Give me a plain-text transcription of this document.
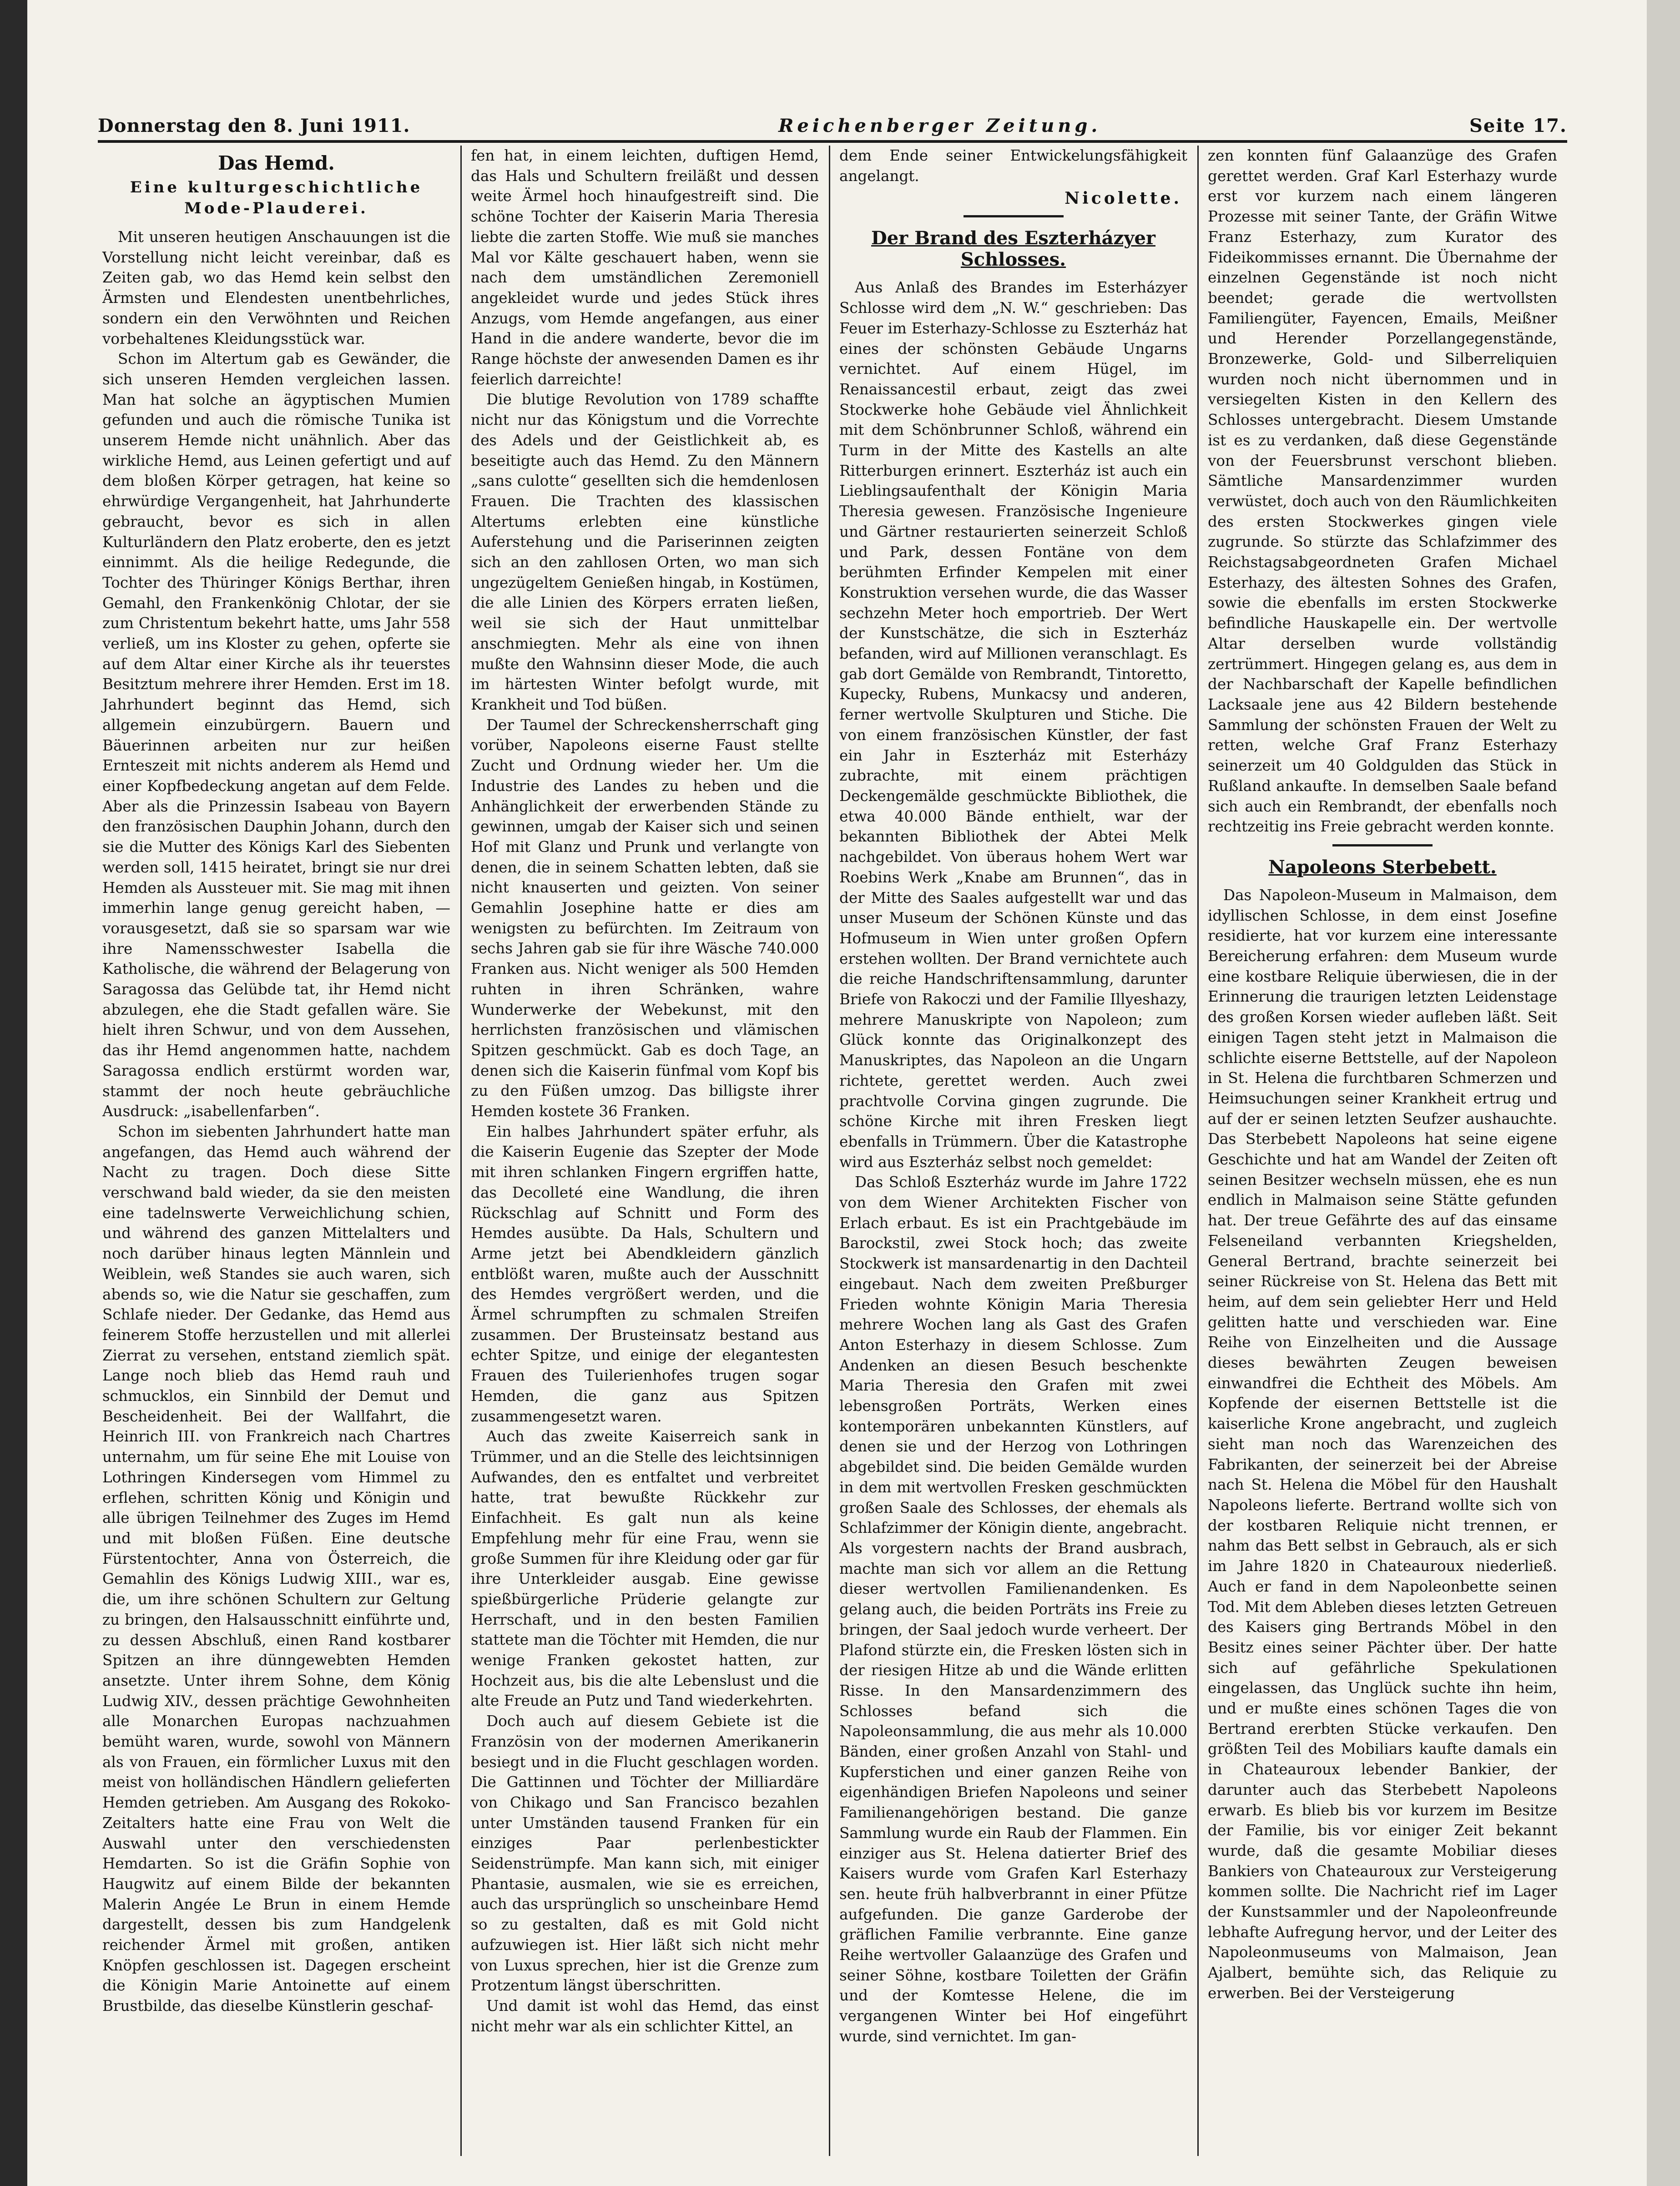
Donnerstag den 8. Juni 1911.	Reichenberger Zeitung.	Seite 17.
Das Hemd.
Eine kulturgeschichtliche Mode-Plauderei.

Mit unseren heutigen Anschauungen ist die Vorstellung nicht leicht vereinbar, daß es Zeiten gab, wo das Hemd kein selbst den Ärmsten und Elendesten unentbehrliches, sondern ein den Verwöhnten und Reichen vorbehaltenes Kleidungsstück war.

Schon im Altertum gab es Gewänder, die sich unseren Hemden vergleichen lassen. Man hat solche an ägyptischen Mumien gefunden und auch die römische Tunika ist unserem Hemde nicht unähnlich. Aber das wirkliche Hemd, aus Leinen gefertigt und auf dem bloßen Körper getragen, hat keine so ehrwürdige Vergangenheit, hat Jahrhunderte gebraucht, bevor es sich in allen Kulturländern den Platz eroberte, den es jetzt einnimmt. Als die heilige Redegunde, die Tochter des Thüringer Königs Berthar, ihren Gemahl, den Frankenkönig Chlotar, der sie zum Christentum bekehrt hatte, ums Jahr 558 verließ, um ins Kloster zu gehen, opferte sie auf dem Altar einer Kirche als ihr teuerstes Besitztum mehrere ihrer Hemden. Erst im 18. Jahrhundert beginnt das Hemd, sich allgemein einzubürgern. Bauern und Bäuerinnen arbeiten nur zur heißen Ernteszeit mit nichts anderem als Hemd und einer Kopfbedeckung angetan auf dem Felde. Aber als die Prinzessin Isabeau von Bayern den französischen Dauphin Johann, durch den sie die Mutter des Königs Karl des Siebenten werden soll, 1415 heiratet, bringt sie nur drei Hemden als Aussteuer mit. Sie mag mit ihnen immerhin lange genug gereicht haben, — vorausgesetzt, daß sie so sparsam war wie ihre Namensschwester Isabella die Katholische, die während der Belagerung von Saragossa das Gelübde tat, ihr Hemd nicht abzulegen, ehe die Stadt gefallen wäre. Sie hielt ihren Schwur, und von dem Aussehen, das ihr Hemd angenommen hatte, nachdem Saragossa endlich erstürmt worden war, stammt der noch heute gebräuchliche Ausdruck: „isabellenfarben“.

Schon im siebenten Jahrhundert hatte man angefangen, das Hemd auch während der Nacht zu tragen. Doch diese Sitte verschwand bald wieder, da sie den meisten eine tadelnswerte Verweichlichung schien, und während des ganzen Mittelalters und noch darüber hinaus legten Männlein und Weiblein, weß Standes sie auch waren, sich abends so, wie die Natur sie geschaffen, zum Schlafe nieder. Der Gedanke, das Hemd aus feinerem Stoffe herzustellen und mit allerlei Zierrat zu versehen, entstand ziemlich spät. Lange noch blieb das Hemd rauh und schmucklos, ein Sinnbild der Demut und Bescheidenheit. Bei der Wallfahrt, die Heinrich III. von Frankreich nach Chartres unternahm, um für seine Ehe mit Louise von Lothringen Kindersegen vom Himmel zu erflehen, schritten König und Königin und alle übrigen Teilnehmer des Zuges im Hemd und mit bloßen Füßen. Eine deutsche Fürstentochter, Anna von Österreich, die Gemahlin des Königs Ludwig XIII., war es, die, um ihre schönen Schultern zur Geltung zu bringen, den Halsausschnitt einführte und, zu dessen Abschluß, einen Rand kostbarer Spitzen an ihre dünngewebten Hemden ansetzte. Unter ihrem Sohne, dem König Ludwig XIV., dessen prächtige Gewohnheiten alle Monarchen Europas nachzuahmen bemüht waren, wurde, sowohl von Männern als von Frauen, ein förmlicher Luxus mit den meist von holländischen Händlern gelieferten Hemden getrieben. Am Ausgang des Rokoko-Zeitalters hatte eine Frau von Welt die Auswahl unter den verschiedensten Hemdarten. So ist die Gräfin Sophie von Haugwitz auf einem Bilde der bekannten Malerin Angée Le Brun in einem Hemde dargestellt, dessen bis zum Handgelenk reichender Ärmel mit großen, antiken Knöpfen geschlossen ist. Dagegen erscheint die Königin Marie Antoinette auf einem Brustbilde, das dieselbe Künstlerin geschaf-

fen hat, in einem leichten, duftigen Hemd, das Hals und Schultern freiläßt und dessen weite Ärmel hoch hinaufgestreift sind. Die schöne Tochter der Kaiserin Maria Theresia liebte die zarten Stoffe. Wie muß sie manches Mal vor Kälte geschauert haben, wenn sie nach dem umständlichen Zeremoniell angekleidet wurde und jedes Stück ihres Anzugs, vom Hemde angefangen, aus einer Hand in die andere wanderte, bevor die im Range höchste der anwesenden Damen es ihr feierlich darreichte!

Die blutige Revolution von 1789 schaffte nicht nur das Königstum und die Vorrechte des Adels und der Geistlichkeit ab, es beseitigte auch das Hemd. Zu den Männern „sans culotte“ gesellten sich die hemdenlosen Frauen. Die Trachten des klassischen Altertums erlebten eine künstliche Auferstehung und die Pariserinnen zeigten sich an den zahllosen Orten, wo man sich ungezügeltem Genießen hingab, in Kostümen, die alle Linien des Körpers erraten ließen, weil sie sich der Haut unmittelbar anschmiegten. Mehr als eine von ihnen mußte den Wahnsinn dieser Mode, die auch im härtesten Winter befolgt wurde, mit Krankheit und Tod büßen.

Der Taumel der Schreckensherrschaft ging vorüber, Napoleons eiserne Faust stellte Zucht und Ordnung wieder her. Um die Industrie des Landes zu heben und die Anhänglichkeit der erwerbenden Stände zu gewinnen, umgab der Kaiser sich und seinen Hof mit Glanz und Prunk und verlangte von denen, die in seinem Schatten lebten, daß sie nicht knauserten und geizten. Von seiner Gemahlin Josephine hatte er dies am wenigsten zu befürchten. Im Zeitraum von sechs Jahren gab sie für ihre Wäsche 740.000 Franken aus. Nicht weniger als 500 Hemden ruhten in ihren Schränken, wahre Wunderwerke der Webekunst, mit den herrlichsten französischen und vlämischen Spitzen geschmückt. Gab es doch Tage, an denen sich die Kaiserin fünfmal vom Kopf bis zu den Füßen umzog. Das billigste ihrer Hemden kostete 36 Franken.

Ein halbes Jahrhundert später erfuhr, als die Kaiserin Eugenie das Szepter der Mode mit ihren schlanken Fingern ergriffen hatte, das Decolleté eine Wandlung, die ihren Rückschlag auf Schnitt und Form des Hemdes ausübte. Da Hals, Schultern und Arme jetzt bei Abendkleidern gänzlich entblößt waren, mußte auch der Ausschnitt des Hemdes vergrößert werden, und die Ärmel schrumpften zu schmalen Streifen zusammen. Der Brusteinsatz bestand aus echter Spitze, und einige der elegantesten Frauen des Tuilerienhofes trugen sogar Hemden, die ganz aus Spitzen zusammengesetzt waren.

Auch das zweite Kaiserreich sank in Trümmer, und an die Stelle des leichtsinnigen Aufwandes, den es entfaltet und verbreitet hatte, trat bewußte Rückkehr zur Einfachheit. Es galt nun als keine Empfehlung mehr für eine Frau, wenn sie große Summen für ihre Kleidung oder gar für ihre Unterkleider ausgab. Eine gewisse spießbürgerliche Prüderie gelangte zur Herrschaft, und in den besten Familien stattete man die Töchter mit Hemden, die nur wenige Franken gekostet hatten, zur Hochzeit aus, bis die alte Lebenslust und die alte Freude an Putz und Tand wiederkehrten.

Doch auch auf diesem Gebiete ist die Französin von der modernen Amerikanerin besiegt und in die Flucht geschlagen worden. Die Gattinnen und Töchter der Milliardäre von Chikago und San Francisco bezahlen unter Umständen tausend Franken für ein einziges Paar perlenbestickter Seidenstrümpfe. Man kann sich, mit einiger Phantasie, ausmalen, wie sie es erreichen, auch das ursprünglich so unscheinbare Hemd so zu gestalten, daß es mit Gold nicht aufzuwiegen ist. Hier läßt sich nicht mehr von Luxus sprechen, hier ist die Grenze zum Protzentum längst überschritten.

Und damit ist wohl das Hemd, das einst nicht mehr war als ein schlichter Kittel, an

dem Ende seiner Entwickelungsfähigkeit angelangt.

Nicolette.
Der Brand des Eszterházyer Schlosses.

Aus Anlaß des Brandes im Esterházyer Schlosse wird dem „N. W.“ geschrieben: Das Feuer im Esterhazy-Schlosse zu Eszterház hat eines der schönsten Gebäude Ungarns vernichtet. Auf einem Hügel, im Renaissancestil erbaut, zeigt das zwei Stockwerke hohe Gebäude viel Ähnlichkeit mit dem Schönbrunner Schloß, während ein Turm in der Mitte des Kastells an alte Ritterburgen erinnert. Eszterház ist auch ein Lieblingsaufenthalt der Königin Maria Theresia gewesen. Französische Ingenieure und Gärtner restaurierten seinerzeit Schloß und Park, dessen Fontäne von dem berühmten Erfinder Kempelen mit einer Konstruktion versehen wurde, die das Wasser sechzehn Meter hoch emportrieb. Der Wert der Kunstschätze, die sich in Eszterház befanden, wird auf Millionen veranschlagt. Es gab dort Gemälde von Rembrandt, Tintoretto, Kupecky, Rubens, Munkacsy und anderen, ferner wertvolle Skulpturen und Stiche. Die von einem französischen Künstler, der fast ein Jahr in Eszterház mit Esterházy zubrachte, mit einem prächtigen Deckengemälde geschmückte Bibliothek, die etwa 40.000 Bände enthielt, war der bekannten Bibliothek der Abtei Melk nachgebildet. Von überaus hohem Wert war Roebins Werk „Knabe am Brunnen“, das in der Mitte des Saales aufgestellt war und das unser Museum der Schönen Künste und das Hofmuseum in Wien unter großen Opfern erstehen wollten. Der Brand vernichtete auch die reiche Handschriftensammlung, darunter Briefe von Rakoczi und der Familie Illyeshazy, mehrere Manuskripte von Napoleon; zum Glück konnte das Originalkonzept des Manuskriptes, das Napoleon an die Ungarn richtete, gerettet werden. Auch zwei prachtvolle Corvina gingen zugrunde. Die schöne Kirche mit ihren Fresken liegt ebenfalls in Trümmern. Über die Katastrophe wird aus Eszterház selbst noch gemeldet:

Das Schloß Eszterház wurde im Jahre 1722 von dem Wiener Architekten Fischer von Erlach erbaut. Es ist ein Prachtgebäude im Barockstil, zwei Stock hoch; das zweite Stockwerk ist mansardenartig in den Dachteil eingebaut. Nach dem zweiten Preßburger Frieden wohnte Königin Maria Theresia mehrere Wochen lang als Gast des Grafen Anton Esterhazy in diesem Schlosse. Zum Andenken an diesen Besuch beschenkte Maria Theresia den Grafen mit zwei lebensgroßen Porträts, Werken eines kontemporären unbekannten Künstlers, auf denen sie und der Herzog von Lothringen abgebildet sind. Die beiden Gemälde wurden in dem mit wertvollen Fresken geschmückten großen Saale des Schlosses, der ehemals als Schlafzimmer der Königin diente, angebracht. Als vorgestern nachts der Brand ausbrach, machte man sich vor allem an die Rettung dieser wertvollen Familienandenken. Es gelang auch, die beiden Porträts ins Freie zu bringen, der Saal jedoch wurde verheert. Der Plafond stürzte ein, die Fresken lösten sich in der riesigen Hitze ab und die Wände erlitten Risse. In den Mansardenzimmern des Schlosses befand sich die Napoleonsammlung, die aus mehr als 10.000 Bänden, einer großen Anzahl von Stahl- und Kupferstichen und einer ganzen Reihe von eigenhändigen Briefen Napoleons und seiner Familienangehörigen bestand. Die ganze Sammlung wurde ein Raub der Flammen. Ein einziger aus St. Helena datierter Brief des Kaisers wurde vom Grafen Karl Esterhazy sen. heute früh halbverbrannt in einer Pfütze aufgefunden. Die ganze Garderobe der gräflichen Familie verbrannte. Eine ganze Reihe wertvoller Galaanzüge des Grafen und seiner Söhne, kostbare Toiletten der Gräfin und der Komtesse Helene, die im vergangenen Winter bei Hof eingeführt wurde, sind vernichtet. Im gan-

zen konnten fünf Galaanzüge des Grafen gerettet werden. Graf Karl Esterhazy wurde erst vor kurzem nach einem längeren Prozesse mit seiner Tante, der Gräfin Witwe Franz Esterhazy, zum Kurator des Fideikommisses ernannt. Die Übernahme der einzelnen Gegenstände ist noch nicht beendet; gerade die wertvollsten Familiengüter, Fayencen, Emails, Meißner und Herender Porzellangegenstände, Bronzewerke, Gold- und Silberreliquien wurden noch nicht übernommen und in versiegelten Kisten in den Kellern des Schlosses untergebracht. Diesem Umstande ist es zu verdanken, daß diese Gegenstände von der Feuersbrunst verschont blieben. Sämtliche Mansardenzimmer wurden verwüstet, doch auch von den Räumlichkeiten des ersten Stockwerkes gingen viele zugrunde. So stürzte das Schlafzimmer des Reichstagsabgeordneten Grafen Michael Esterhazy, des ältesten Sohnes des Grafen, sowie die ebenfalls im ersten Stockwerke befindliche Hauskapelle ein. Der wertvolle Altar derselben wurde vollständig zertrümmert. Hingegen gelang es, aus dem in der Nachbarschaft der Kapelle befindlichen Lacksaale jene aus 42 Bildern bestehende Sammlung der schönsten Frauen der Welt zu retten, welche Graf Franz Esterhazy seinerzeit um 40 Goldgulden das Stück in Rußland ankaufte. In demselben Saale befand sich auch ein Rembrandt, der ebenfalls noch rechtzeitig ins Freie gebracht werden konnte.

Napoleons Sterbebett.

Das Napoleon-Museum in Malmaison, dem idyllischen Schlosse, in dem einst Josefine residierte, hat vor kurzem eine interessante Bereicherung erfahren: dem Museum wurde eine kostbare Reliquie überwiesen, die in der Erinnerung die traurigen letzten Leidenstage des großen Korsen wieder aufleben läßt. Seit einigen Tagen steht jetzt in Malmaison die schlichte eiserne Bettstelle, auf der Napoleon in St. Helena die furchtbaren Schmerzen und Heimsuchungen seiner Krankheit ertrug und auf der er seinen letzten Seufzer aushauchte. Das Sterbebett Napoleons hat seine eigene Geschichte und hat am Wandel der Zeiten oft seinen Besitzer wechseln müssen, ehe es nun endlich in Malmaison seine Stätte gefunden hat. Der treue Gefährte des auf das einsame Felseneiland verbannten Kriegshelden, General Bertrand, brachte seinerzeit bei seiner Rückreise von St. Helena das Bett mit heim, auf dem sein geliebter Herr und Held gelitten hatte und verschieden war. Eine Reihe von Einzelheiten und die Aussage dieses bewährten Zeugen beweisen einwandfrei die Echtheit des Möbels. Am Kopfende der eisernen Bettstelle ist die kaiserliche Krone angebracht, und zugleich sieht man noch das Warenzeichen des Fabrikanten, der seinerzeit bei der Abreise nach St. Helena die Möbel für den Haushalt Napoleons lieferte. Bertrand wollte sich von der kostbaren Reliquie nicht trennen, er nahm das Bett selbst in Gebrauch, als er sich im Jahre 1820 in Chateauroux niederließ. Auch er fand in dem Napoleonbette seinen Tod. Mit dem Ableben dieses letzten Getreuen des Kaisers ging Bertrands Möbel in den Besitz eines seiner Pächter über. Der hatte sich auf gefährliche Spekulationen eingelassen, das Unglück suchte ihn heim, und er mußte eines schönen Tages die von Bertrand ererbten Stücke verkaufen. Den größten Teil des Mobiliars kaufte damals ein in Chateauroux lebender Bankier, der darunter auch das Sterbebett Napoleons erwarb. Es blieb bis vor kurzem im Besitze der Familie, bis vor einiger Zeit bekannt wurde, daß die gesamte Mobiliar dieses Bankiers von Chateauroux zur Versteigerung kommen sollte. Die Nachricht rief im Lager der Kunstsammler und der Napoleonfreunde lebhafte Aufregung hervor, und der Leiter des Napoleonmuseums von Malmaison, Jean Ajalbert, bemühte sich, das Reliquie zu erwerben. Bei der Versteigerung
